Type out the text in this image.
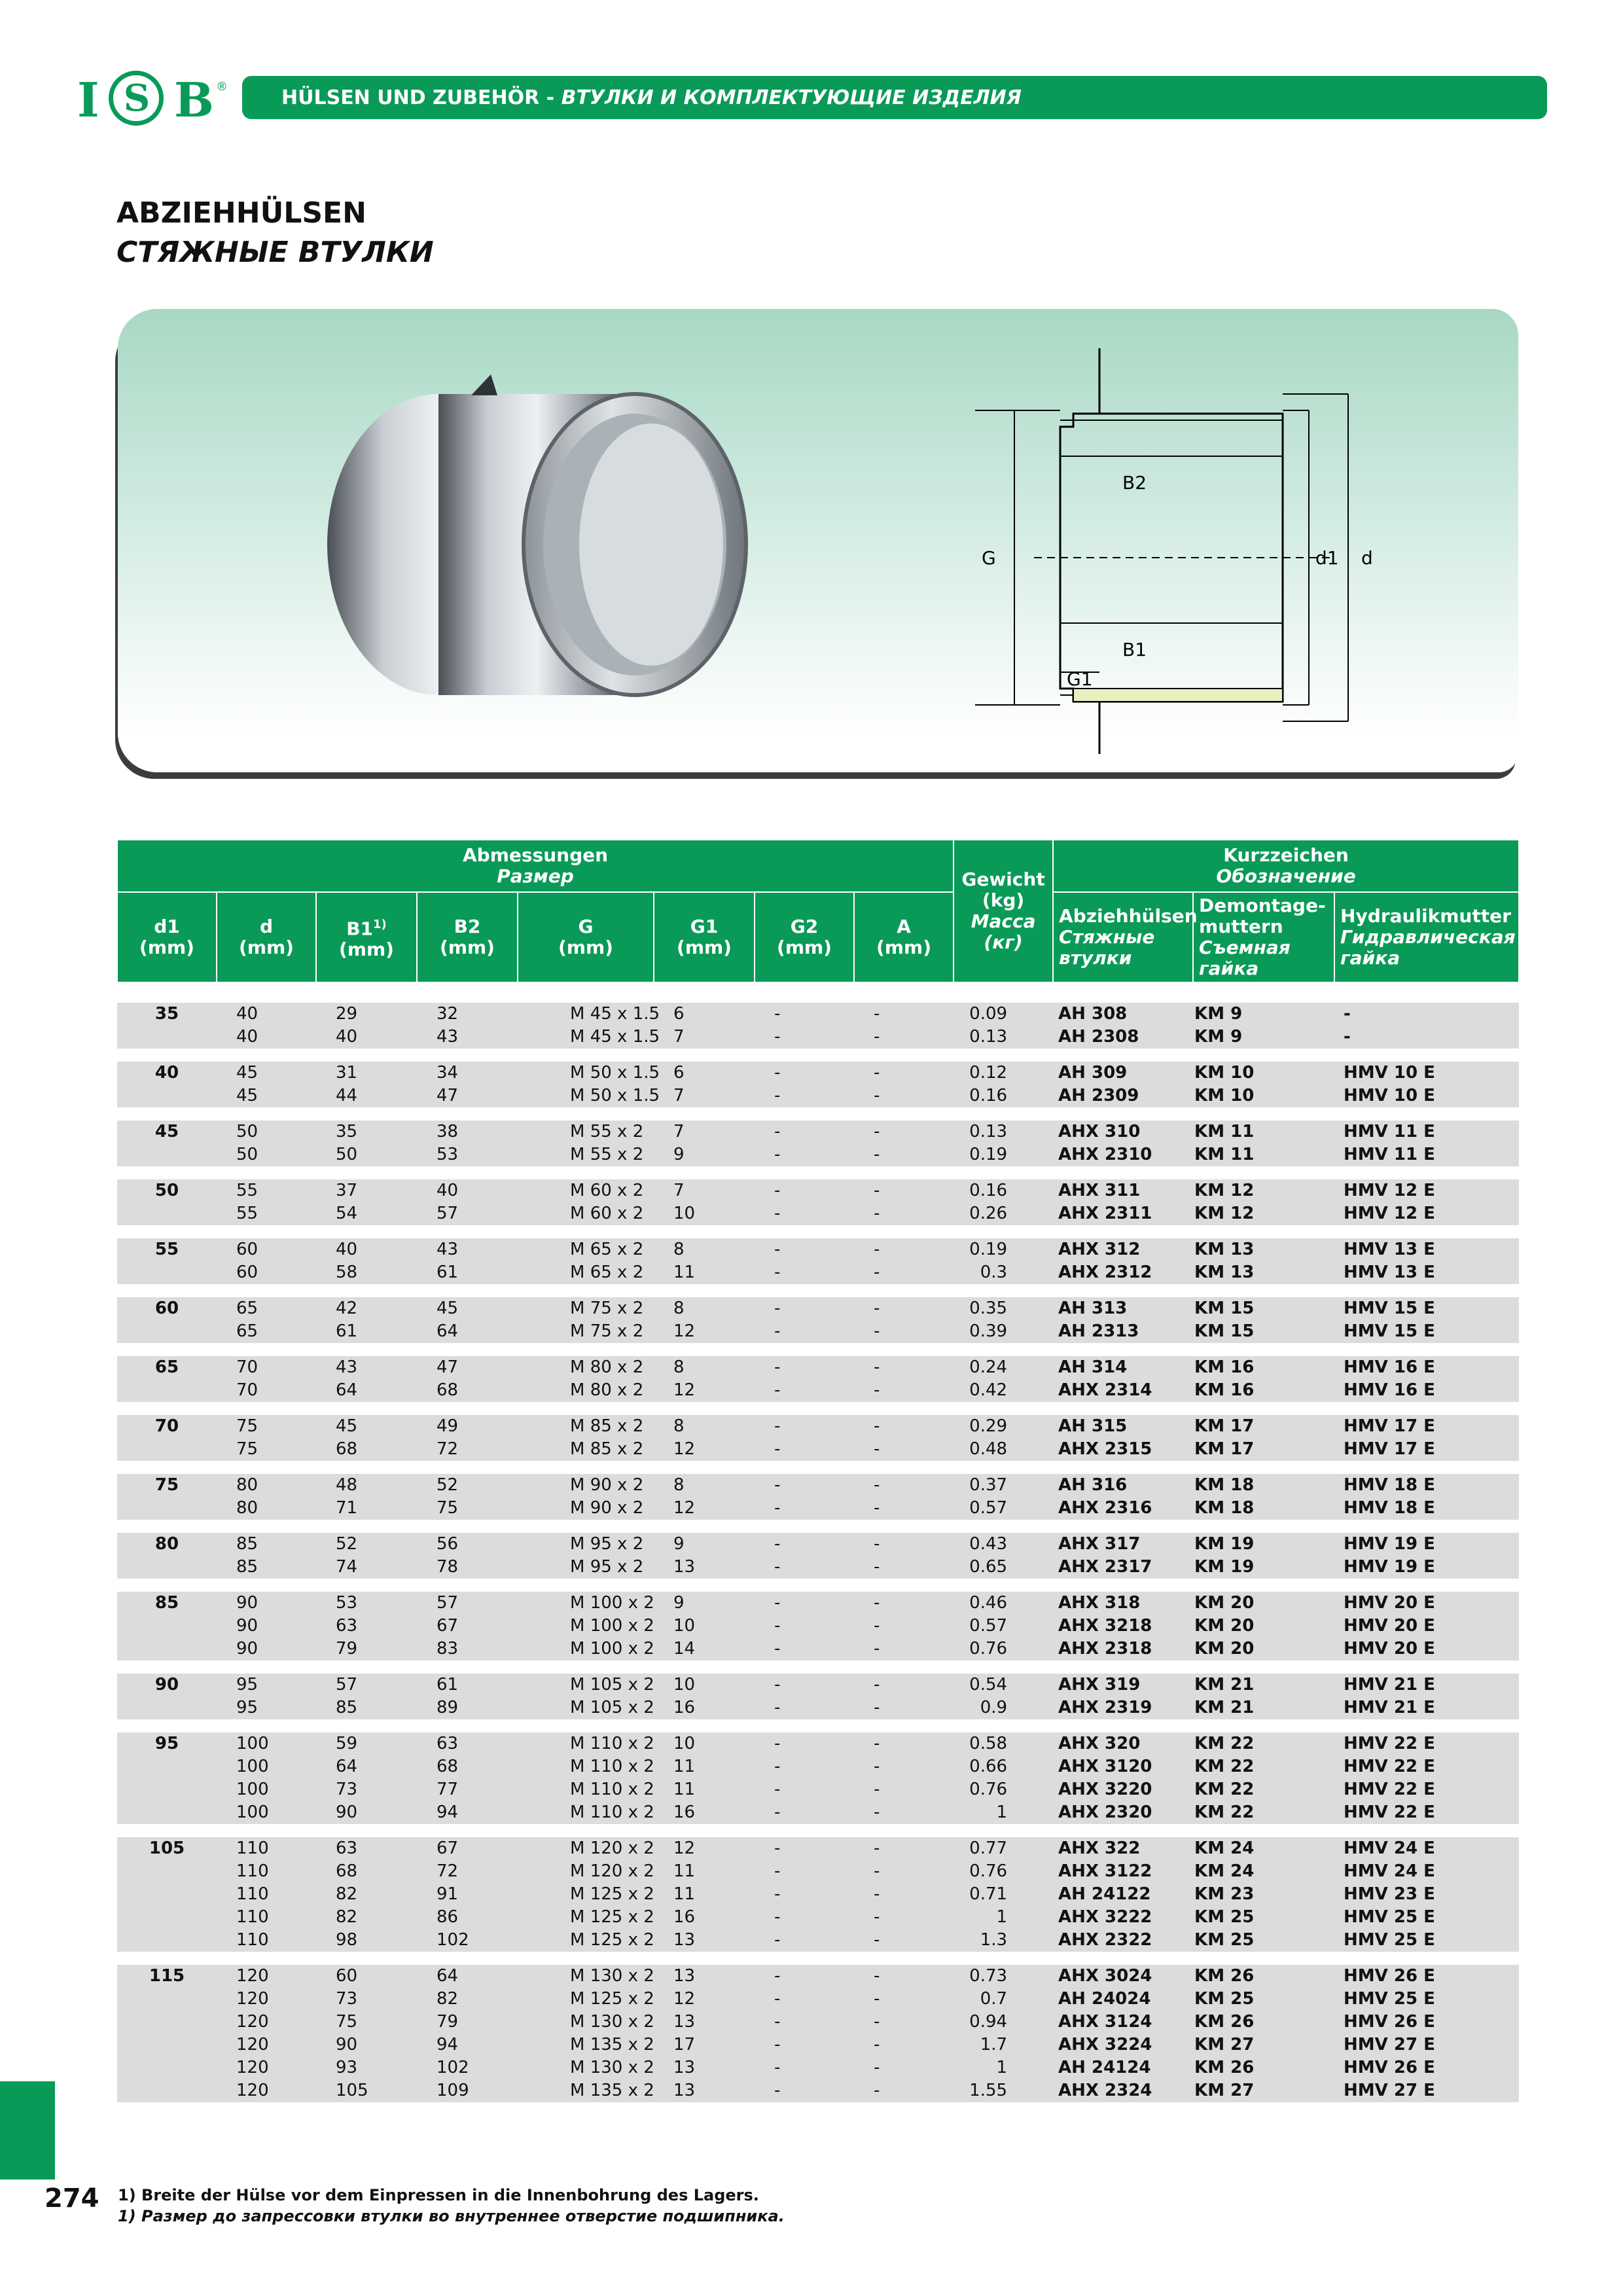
I S B ®	HÜLSEN UND ZUBEHÖR - ВТУЛКИ И КОМПЛЕКТУЮЩИЕ ИЗДЕЛИЯ
ABZIEHHÜLSEN
СТЯЖНЫЕ ВТУЛКИ
B2
G
B1
G1
d1 d
Abmessungen
Размер								Gewicht
(kg)
Масса
(кг)	Kurzzeichen
Обозначение		
d1
(mm)	d
(mm)	B1$^{1)}$
(mm)	B2
(mm)	G
(mm)	G1
(mm)	G2
(mm)	A
(mm)		Abziehhülsen
Стяжные
втулки	Demontage-
muttern
Съемная
гайка	Hydraulikmutter
Гидравлическая
гайка

35	40	29	32	M 45 x 1.5	6	-	-	0.09	AH 308	KM 9	-
	40	40	43	M 45 x 1.5	7	-	-	0.13	AH 2308	KM 9	-

40	45	31	34	M 50 x 1.5	6	-	-	0.12	AH 309	KM 10	HMV 10 E
	45	44	47	M 50 x 1.5	7	-	-	0.16	AH 2309	KM 10	HMV 10 E

45	50	35	38	M 55 x 2	7	-	-	0.13	AHX 310	KM 11	HMV 11 E
	50	50	53	M 55 x 2	9	-	-	0.19	AHX 2310	KM 11	HMV 11 E

50	55	37	40	M 60 x 2	7	-	-	0.16	AHX 311	KM 12	HMV 12 E
	55	54	57	M 60 x 2	10	-	-	0.26	AHX 2311	KM 12	HMV 12 E

55	60	40	43	M 65 x 2	8	-	-	0.19	AHX 312	KM 13	HMV 13 E
	60	58	61	M 65 x 2	11	-	-	0.3	AHX 2312	KM 13	HMV 13 E

60	65	42	45	M 75 x 2	8	-	-	0.35	AH 313	KM 15	HMV 15 E
	65	61	64	M 75 x 2	12	-	-	0.39	AH 2313	KM 15	HMV 15 E

65	70	43	47	M 80 x 2	8	-	-	0.24	AH 314	KM 16	HMV 16 E
	70	64	68	M 80 x 2	12	-	-	0.42	AHX 2314	KM 16	HMV 16 E

70	75	45	49	M 85 x 2	8	-	-	0.29	AH 315	KM 17	HMV 17 E
	75	68	72	M 85 x 2	12	-	-	0.48	AHX 2315	KM 17	HMV 17 E

75	80	48	52	M 90 x 2	8	-	-	0.37	AH 316	KM 18	HMV 18 E
	80	71	75	M 90 x 2	12	-	-	0.57	AHX 2316	KM 18	HMV 18 E

80	85	52	56	M 95 x 2	9	-	-	0.43	AHX 317	KM 19	HMV 19 E
	85	74	78	M 95 x 2	13	-	-	0.65	AHX 2317	KM 19	HMV 19 E

85	90	53	57	M 100 x 2	9	-	-	0.46	AHX 318	KM 20	HMV 20 E
	90	63	67	M 100 x 2	10	-	-	0.57	AHX 3218	KM 20	HMV 20 E
	90	79	83	M 100 x 2	14	-	-	0.76	AHX 2318	KM 20	HMV 20 E

90	95	57	61	M 105 x 2	10	-	-	0.54	AHX 319	KM 21	HMV 21 E
	95	85	89	M 105 x 2	16	-	-	0.9	AHX 2319	KM 21	HMV 21 E

95	100	59	63	M 110 x 2	10	-	-	0.58	AHX 320	KM 22	HMV 22 E
	100	64	68	M 110 x 2	11	-	-	0.66	AHX 3120	KM 22	HMV 22 E
	100	73	77	M 110 x 2	11	-	-	0.76	AHX 3220	KM 22	HMV 22 E
	100	90	94	M 110 x 2	16	-	-	1	AHX 2320	KM 22	HMV 22 E

105	110	63	67	M 120 x 2	12	-	-	0.77	AHX 322	KM 24	HMV 24 E
	110	68	72	M 120 x 2	11	-	-	0.76	AHX 3122	KM 24	HMV 24 E
	110	82	91	M 125 x 2	11	-	-	0.71	AH 24122	KM 23	HMV 23 E
	110	82	86	M 125 x 2	16	-	-	1	AHX 3222	KM 25	HMV 25 E
	110	98	102	M 125 x 2	13	-	-	1.3	AHX 2322	KM 25	HMV 25 E

115	120	60	64	M 130 x 2	13	-	-	0.73	AHX 3024	KM 26	HMV 26 E
	120	73	82	M 125 x 2	12	-	-	0.7	AH 24024	KM 25	HMV 25 E
	120	75	79	M 130 x 2	13	-	-	0.94	AHX 3124	KM 26	HMV 26 E
	120	90	94	M 135 x 2	17	-	-	1.7	AHX 3224	KM 27	HMV 27 E
	120	93	102	M 130 x 2	13	-	-	1	AH 24124	KM 26	HMV 26 E
	120	105	109	M 135 x 2	13	-	-	1.55	AHX 2324	KM 27	HMV 27 E
274 1) Breite der Hülse vor dem Einpressen in die Innenbohrung des Lagers.
1) Размер до запрессовки втулки во внутреннее отверстие подшипника.
